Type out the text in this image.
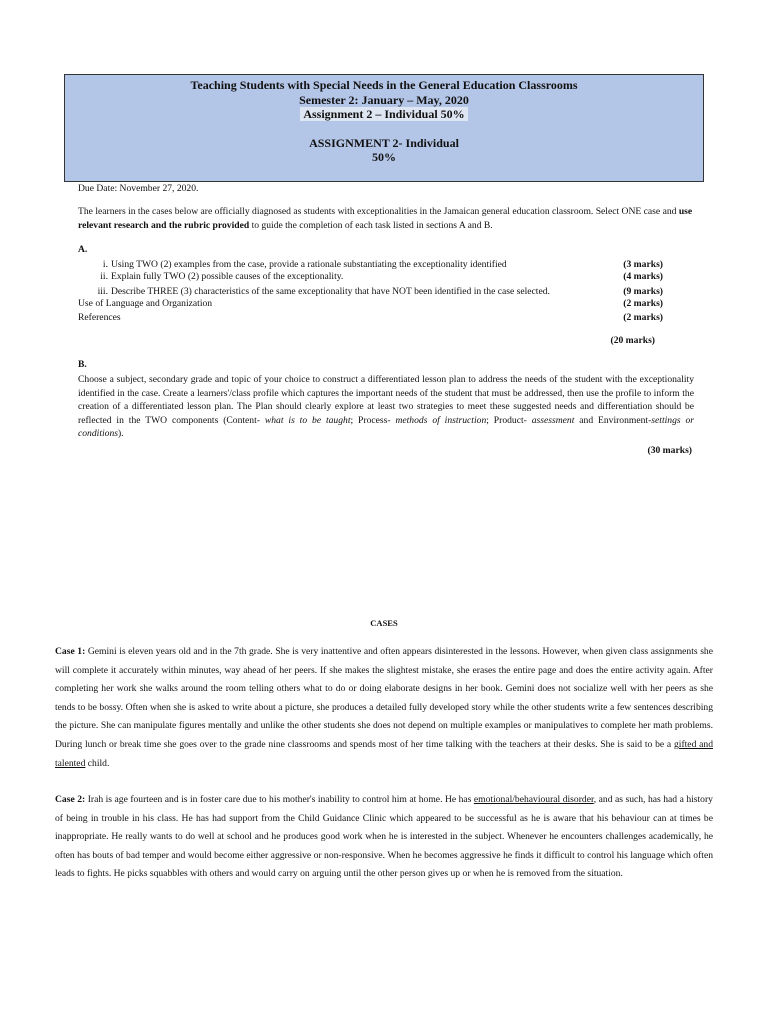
Teaching Students with Special Needs in the General Education Classrooms
Semester 2: January – May, 2020
Assignment 2 – Individual 50%
ASSIGNMENT 2- Individual
50%
Due Date: November 27, 2020.
The learners in the cases below are officially diagnosed as students with exceptionalities in the Jamaican general education classroom. Select ONE case and use relevant research and the rubric provided to guide the completion of each task listed in sections A and B.
A.
i. Using TWO (2) examples from the case, provide a rationale substantiating the exceptionality identified	(3 marks)
ii. Explain fully TWO (2) possible causes of the exceptionality.	(4 marks)
iii. Describe THREE (3) characteristics of the same exceptionality that have NOT been identified in the case selected.	(9 marks)
Use of Language and Organization	(2 marks)
References	(2 marks)
(20 marks)
B.
Choose a subject, secondary grade and topic of your choice to construct a differentiated lesson plan to address the needs of the student with the exceptionality identified in the case. Create a learners'/class profile which captures the important needs of the student that must be addressed, then use the profile to inform the creation of a differentiated lesson plan. The Plan should clearly explore at least two strategies to meet these suggested needs and differentiation should be reflected in the TWO components (Content- what is to be taught; Process- methods of instruction; Product- assessment and Environment-settings or conditions).
(30 marks)
CASES
Case 1: Gemini is eleven years old and in the 7th grade. She is very inattentive and often appears disinterested in the lessons. However, when given class assignments she will complete it accurately within minutes, way ahead of her peers. If she makes the slightest mistake, she erases the entire page and does the entire activity again. After completing her work she walks around the room telling others what to do or doing elaborate designs in her book. Gemini does not socialize well with her peers as she tends to be bossy. Often when she is asked to write about a picture, she produces a detailed fully developed story while the other students write a few sentences describing the picture. She can manipulate figures mentally and unlike the other students she does not depend on multiple examples or manipulatives to complete her math problems. During lunch or break time she goes over to the grade nine classrooms and spends most of her time talking with the teachers at their desks. She is said to be a gifted and talented child.
Case 2: Irah is age fourteen and is in foster care due to his mother's inability to control him at home. He has emotional/behavioural disorder, and as such, has had a history of being in trouble in his class. He has had support from the Child Guidance Clinic which appeared to be successful as he is aware that his behaviour can at times be inappropriate. He really wants to do well at school and he produces good work when he is interested in the subject. Whenever he encounters challenges academically, he often has bouts of bad temper and would become either aggressive or non-responsive. When he becomes aggressive he finds it difficult to control his language which often leads to fights. He picks squabbles with others and would carry on arguing until the other person gives up or when he is removed from the situation.
